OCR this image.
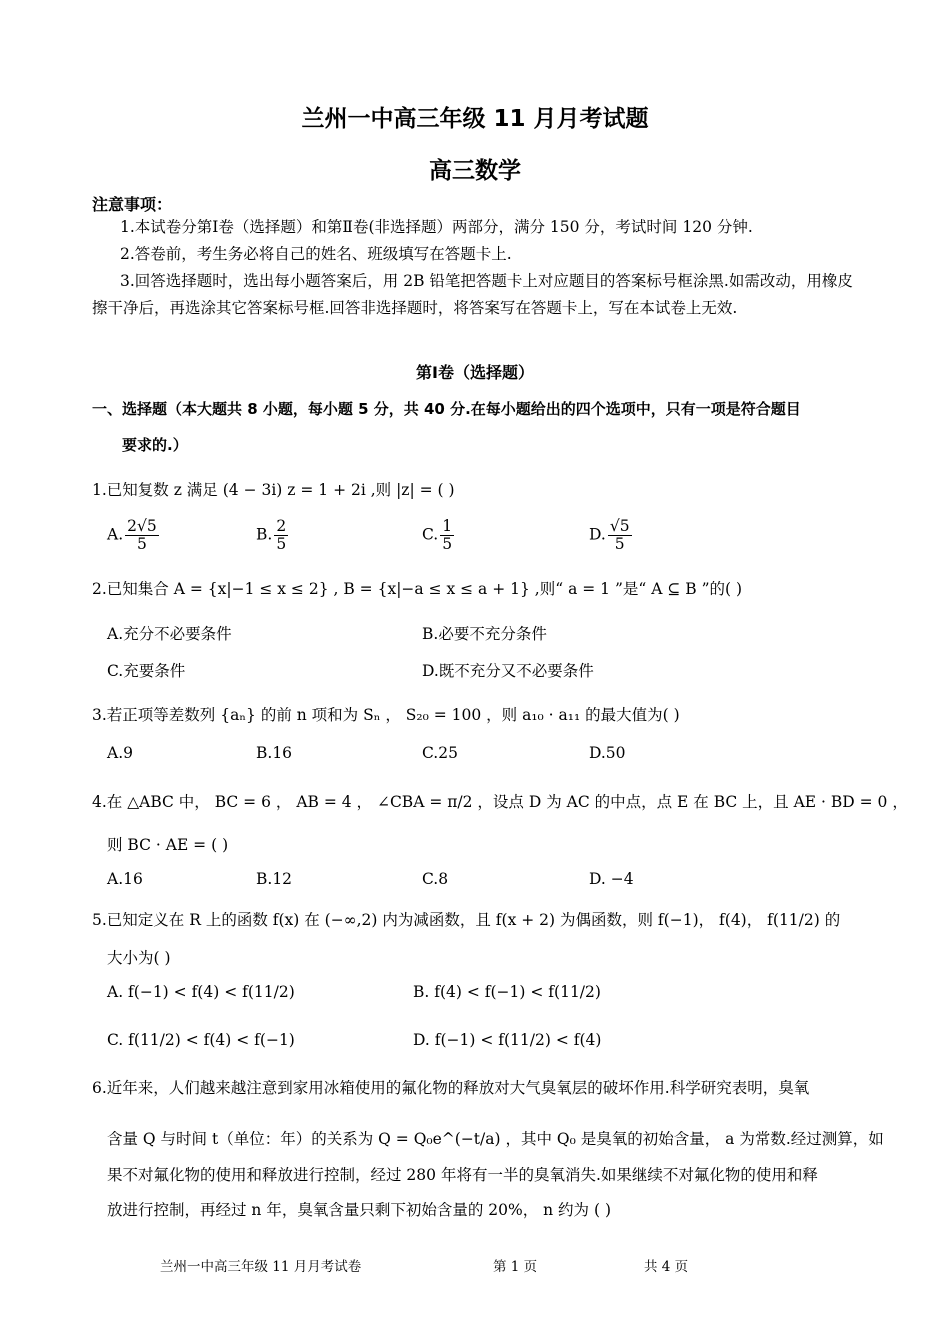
兰州一中高三年级 11 月月考试题
高三数学
注意事项：
1.本试卷分第Ⅰ卷（选择题）和第Ⅱ卷(非选择题）两部分，满分 150 分，考试时间 120 分钟.
2.答卷前，考生务必将自己的姓名、班级填写在答题卡上.
3.回答选择题时，选出每小题答案后，用 2B 铅笔把答题卡上对应题目的答案标号框涂黑.如需改动，用橡皮擦干净后，再选涂其它答案标号框.回答非选择题时，将答案写在答题卡上，写在本试卷上无效.
第Ⅰ卷（选择题）
一、选择题（本大题共 8 小题，每小题 5 分，共 40 分.在每小题给出的四个选项中，只有一项是符合题目
要求的.）
1.已知复数 z 满足 (4 − 3i) z = 1 + 2i ,则 |z| = ( )
A. $\frac{2√5}{5}$	B. $\frac{2}{5}$	C. $\frac{1}{5}$	D. $\frac{√5}{5}$
2.已知集合 A = {x|−1 ≤ x ≤ 2} , B = {x|−a ≤ x ≤ a + 1} ,则“ a = 1 ”是“ A ⊆ B ”的( )
A.充分不必要条件	B.必要不充分条件
C.充要条件	D.既不充分又不必要条件
3.若正项等差数列 {aₙ} 的前 n 项和为 Sₙ ， S₂₀ = 100 ，则 a₁₀ · a₁₁ 的最大值为( )
A.9	B.16	C.25	D.50
4.在 △ABC 中， BC = 6 ， AB = 4 ， ∠CBA = π/2 ，设点 D 为 AC 的中点，点 E 在 BC 上，且 AE · BD = 0 ，
则 BC · AE = ( )
A.16	B.12	C.8	D. −4
5.已知定义在 R 上的函数 f(x) 在 (−∞,2) 内为减函数，且 f(x + 2) 为偶函数，则 f(−1)， f(4)， f(11/2) 的
大小为( )
A. f(−1) < f(4) < f(11/2)	B. f(4) < f(−1) < f(11/2)
C. f(11/2) < f(4) < f(−1)	D. f(−1) < f(11/2) < f(4)
6.近年来，人们越来越注意到家用冰箱使用的氟化物的释放对大气臭氧层的破坏作用.科学研究表明，臭氧
含量 Q 与时间 t（单位：年）的关系为 Q = Q₀e^(−t/a) ，其中 Q₀ 是臭氧的初始含量， a 为常数.经过测算，如
果不对氟化物的使用和释放进行控制，经过 280 年将有一半的臭氧消失.如果继续不对氟化物的使用和释
放进行控制，再经过 n 年，臭氧含量只剩下初始含量的 20%， n 约为 ( )
兰州一中高三年级 11 月月考试卷	第 1 页	共 4 页
